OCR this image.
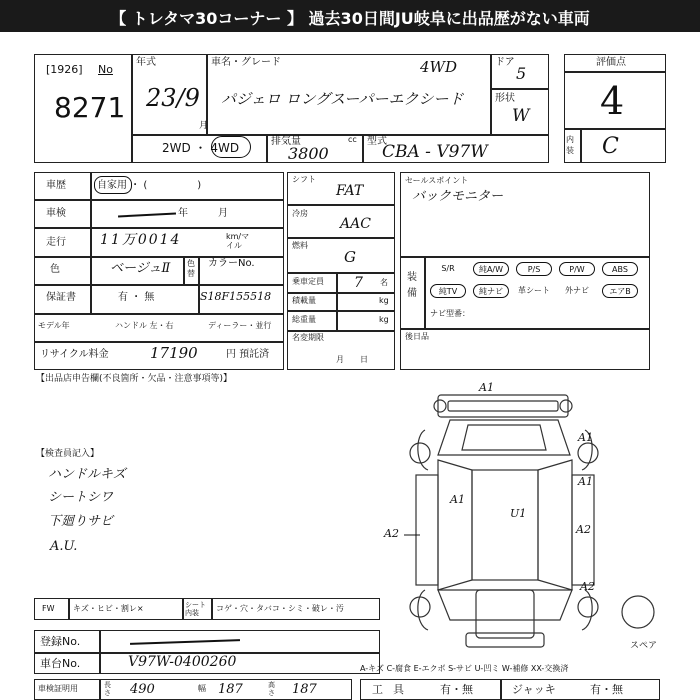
【 トレタマ30コーナー 】 過去30日間JU岐阜に出品歴がない車両
[1926] No
8271
年式
23/9
月
車名・グレード	4WD
パジェロ ロングスーパーエクシード
ドア
5
形状
W
2WD ・ 4WD	排気量	cc
3800
型式
CBA - V97W
評価点
4
内装 C
車歴	自家用 ・ (　　　　　)
車検	年　　　月
走行 11万0014	km/マイル
色	ベージュⅡ 色替
カラーNo.
保証書	有 ・ 無	S18F155518
モデル年	ハンドル 左・右	ディーラー・並行
リサイクル料金	17190	円 預託済
シフト
FAT
冷房
AAC
燃料
G
乗車定員 7 名
積載量	kg
総重量	kg
名変期限
月　　日
セールスポイント
バックモニター
装備
S/R	純A/W	P/S	P/W	ABS
純TV	純ナビ	革シート	外ナビ	エアB
ナビ型番：
後日品
【出品店申告欄(不良箇所・欠品・注意事項等)】
【検査員記入】
ハンドルキズ
シートシワ
下廻りサビ
A.U.
A1
A1
A1
U1
A2	A2
A2
A1
スペア
FW キズ・ヒビ・割レ×	シート内装	コゲ・穴・タバコ・シミ・破レ・汚
登録No.
車台No.	V97W-0400260
車検証明用	長さ 490	幅 187	高さ 187
A-キズ C-腐食 E-エクボ S-サビ U-凹ミ W-補修 XX-交換済
工具 有・無	ジャッキ	有・無
